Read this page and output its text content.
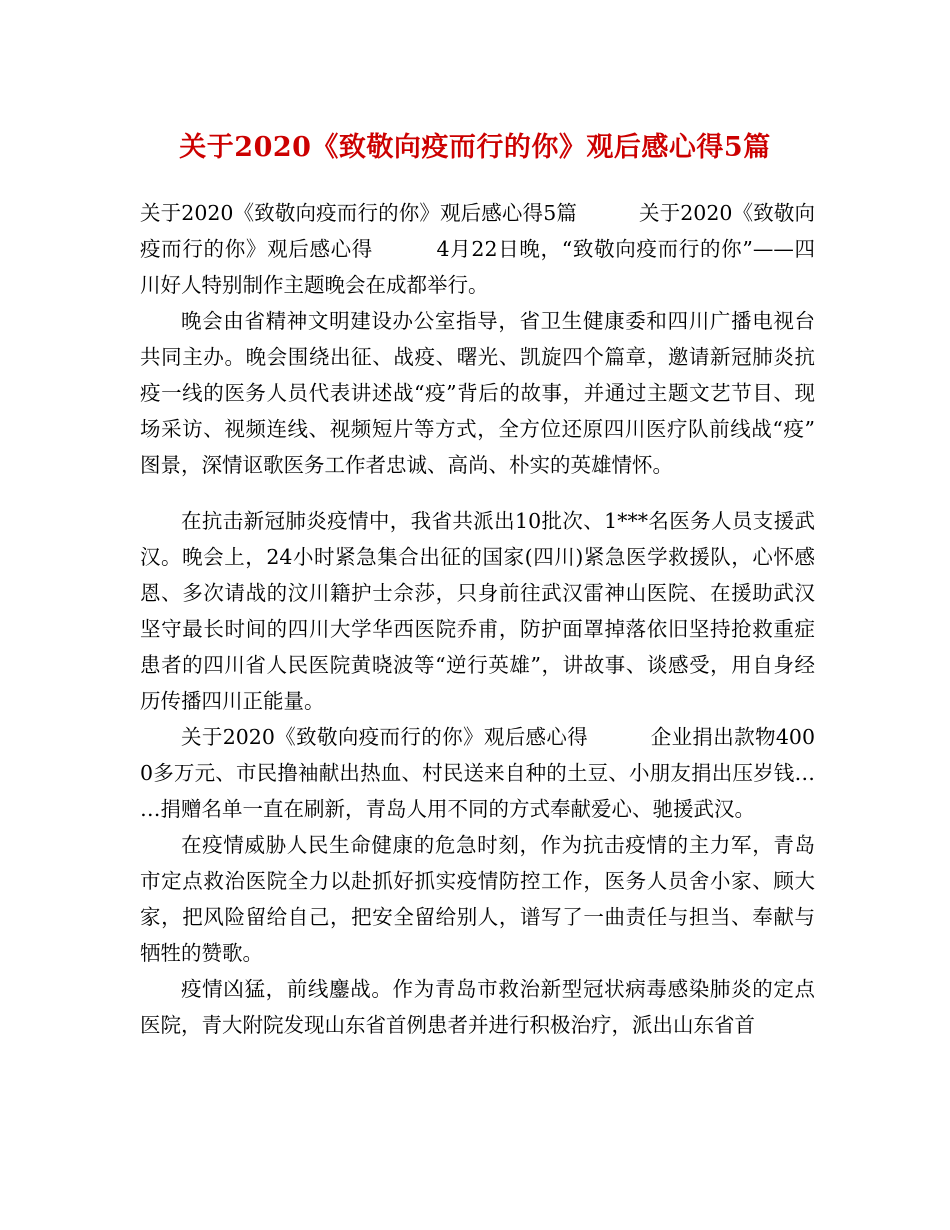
关于2020《致敬向疫而行的你》观后感心得5篇

关于2020《致敬向疫而行的你》观后感心得5篇　　　关于2020《致敬向疫而行的你》观后感心得　　　4月22日晚，“致敬向疫而行的你”——四川好人特别制作主题晚会在成都举行。

晚会由省精神文明建设办公室指导，省卫生健康委和四川广播电视台共同主办。晚会围绕出征、战疫、曙光、凯旋四个篇章，邀请新冠肺炎抗疫一线的医务人员代表讲述战“疫”背后的故事，并通过主题文艺节目、现场采访、视频连线、视频短片等方式，全方位还原四川医疗队前线战“疫”图景，深情讴歌医务工作者忠诚、高尚、朴实的英雄情怀。

在抗击新冠肺炎疫情中，我省共派出10批次、1***名医务人员支援武汉。晚会上，24小时紧急集合出征的国家(四川)紧急医学救援队，心怀感恩、多次请战的汶川籍护士佘莎，只身前往武汉雷神山医院、在援助武汉坚守最长时间的四川大学华西医院乔甫，防护面罩掉落依旧坚持抢救重症患者的四川省人民医院黄晓波等“逆行英雄”，讲故事、谈感受，用自身经历传播四川正能量。

关于2020《致敬向疫而行的你》观后感心得　　　企业捐出款物4000多万元、市民撸袖献出热血、村民送来自种的土豆、小朋友捐出压岁钱……捐赠名单一直在刷新，青岛人用不同的方式奉献爱心、驰援武汉。

在疫情威胁人民生命健康的危急时刻，作为抗击疫情的主力军，青岛市定点救治医院全力以赴抓好抓实疫情防控工作，医务人员舍小家、顾大家，把风险留给自己，把安全留给别人，谱写了一曲责任与担当、奉献与牺牲的赞歌。

疫情凶猛，前线鏖战。作为青岛市救治新型冠状病毒感染肺炎的定点医院，青大附院发现山东省首例患者并进行积极治疗，派出山东省首
